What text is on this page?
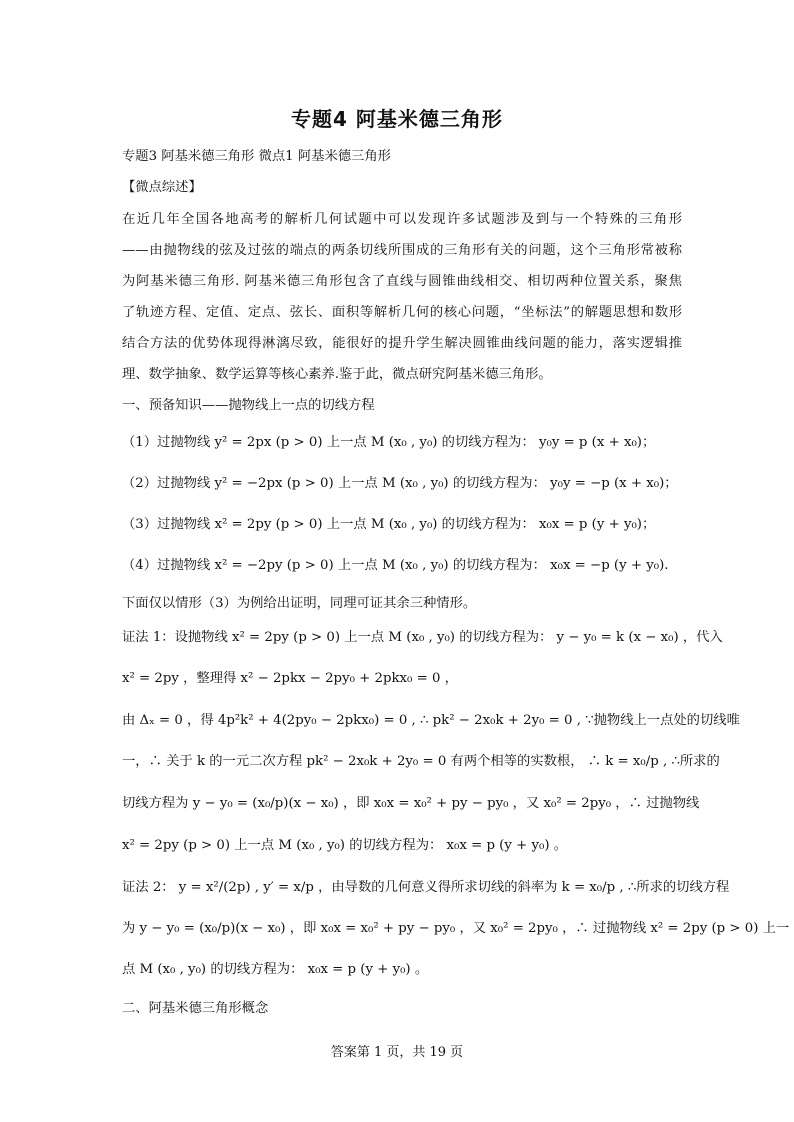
专题4 阿基米德三角形

专题3 阿基米德三角形 微点1 阿基米德三角形

【微点综述】

在近几年全国各地高考的解析几何试题中可以发现许多试题涉及到与一个特殊的三角形

——由抛物线的弦及过弦的端点的两条切线所围成的三角形有关的问题，这个三角形常被称

为阿基米德三角形. 阿基米德三角形包含了直线与圆锥曲线相交、相切两种位置关系，聚焦

了轨迹方程、定值、定点、弦长、面积等解析几何的核心问题，“坐标法”的解题思想和数形

结合方法的优势体现得淋漓尽致，能很好的提升学生解决圆锥曲线问题的能力，落实逻辑推

理、数学抽象、数学运算等核心素养.鉴于此，微点研究阿基米德三角形。

一、预备知识——抛物线上一点的切线方程

（1）过抛物线 y² = 2px (p > 0) 上一点 M (x₀ , y₀) 的切线方程为： y₀y = p (x + x₀)；

（2）过抛物线 y² = −2px (p > 0) 上一点 M (x₀ , y₀) 的切线方程为： y₀y = −p (x + x₀)；

（3）过抛物线 x² = 2py (p > 0) 上一点 M (x₀ , y₀) 的切线方程为： x₀x = p (y + y₀)；

（4）过抛物线 x² = −2py (p > 0) 上一点 M (x₀ , y₀) 的切线方程为： x₀x = −p (y + y₀).

下面仅以情形（3）为例给出证明，同理可证其余三种情形。

证法 1：设抛物线 x² = 2py (p > 0) 上一点 M (x₀ , y₀) 的切线方程为： y − y₀ = k (x − x₀) ，代入

x² = 2py ，整理得 x² − 2pkx − 2py₀ + 2pkx₀ = 0 ，

由 Δₓ = 0 ，得 4p²k² + 4(2py₀ − 2pkx₀) = 0 , ∴ pk² − 2x₀k + 2y₀ = 0 , ∵抛物线上一点处的切线唯

一，∴ 关于 k 的一元二次方程 pk² − 2x₀k + 2y₀ = 0 有两个相等的实数根， ∴ k = x₀/p , ∴所求的

切线方程为 y − y₀ = (x₀/p)(x − x₀) ，即 x₀x = x₀² + py − py₀ ，又 x₀² = 2py₀ ，∴ 过抛物线

x² = 2py (p > 0) 上一点 M (x₀ , y₀) 的切线方程为： x₀x = p (y + y₀) 。

证法 2： y = x²/(2p) , y′ = x/p ，由导数的几何意义得所求切线的斜率为 k = x₀/p , ∴所求的切线方程

为 y − y₀ = (x₀/p)(x − x₀) ，即 x₀x = x₀² + py − py₀ ，又 x₀² = 2py₀ ，∴ 过抛物线 x² = 2py (p > 0) 上一

点 M (x₀ , y₀) 的切线方程为： x₀x = p (y + y₀) 。

二、阿基米德三角形概念

答案第 1 页，共 19 页
